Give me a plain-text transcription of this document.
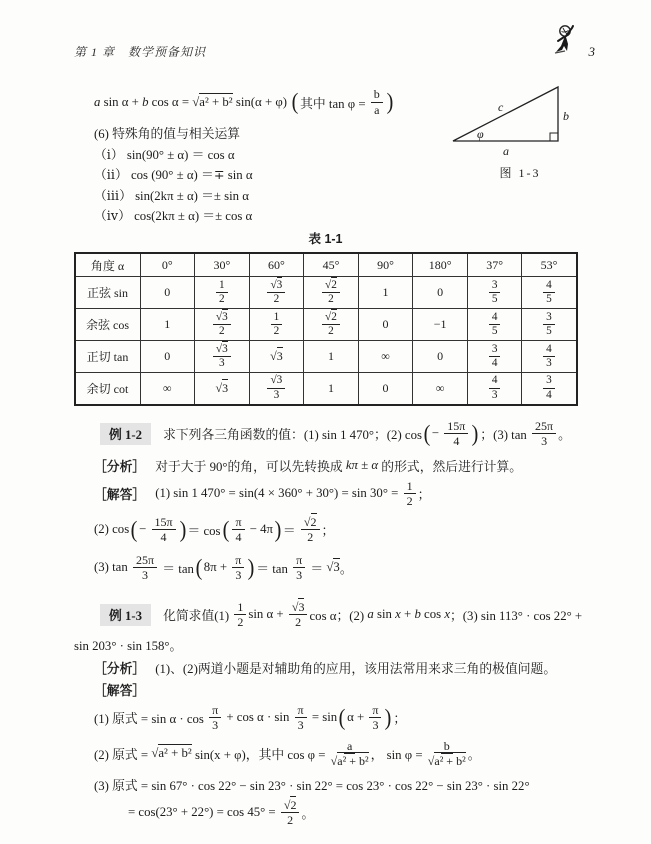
第 1 章　数学预备知识	3
a sin α + b cos α = √a² + b² sin(α + φ) ( 其中 $\tan \varphi = \frac{b}{a}$ )	c
b
φ
a
图 1-3
(6) 特殊角的值与相关运算
（ⅰ） sin(90° ± α) ＝ cos α
（ⅱ） cos (90° ± α) ＝∓ sin α
（ⅲ） sin(2kπ ± α) ＝± sin α
（ⅳ） cos(2kπ ± α) ＝± cos α
表 1-1
角度 α	0°	30°	60°	45°	90°	180°	37°	53°
正弦 sin	0	$\frac{1}{2}$	$\frac{√3}{2}$	$\frac{√2}{2}$	1	0	$\frac{3}{5}$	$\frac{4}{5}$

余弦 cos	1	$\frac{√3}{2}$	$\frac{1}{2}$	$\frac{√2}{2}$	0	−1	$\frac{4}{5}$	$\frac{3}{5}$

正切 tan	0	$\frac{√3}{3}$	√3	1	∞	0	$\frac{3}{4}$	$\frac{4}{3}$

余切 cot	∞	√3	$\frac{√3}{3}$	1	0	∞	$\frac{4}{3}$	$\frac{3}{4}$
例 1-2	求下列各三角函数的值：(1) sin 1 470°；(2) cos ( − $\frac{15\pi}{4}$ ) ；(3) $\tan \frac{25\pi}{3}$ 。
［分析］ 对于大于 90°的角，可以先转换成 kπ ± α 的形式，然后进行计算。
［解答］ (1) sin 1 $470^\circ = \sin(4 \times 360^\circ + 30^\circ) = \sin 30^\circ = \frac{1}{2}$ ；
(2) cos ( − $\frac{15\pi}{4}$ ) ＝ cos ( $\frac{\pi}{4} - 4\pi$ ) ＝ $\frac{√2}{2}$ ；
(3) $\tan \frac{25\pi}{3} = \tan$ ( $8\pi + \frac{\pi}{3}$ ) ＝ $\tan \frac{\pi}{3} = √3$ 。
例 1-3	化简求值$(1) \frac{1}{2}$ $\sin \alpha + \frac{√3}{2}$ cos α；(2) a sin x + b cos x ；(3) sin 113° · cos 22° +
sin 203° · sin 158°。
［分析］ (1)、(2)两道小题是对辅助角的应用，该用法常用来求三角的极值问题。
［解答］
(1) 原式 = $\sin \alpha \cdot \cos \frac{\pi}{3} + \cos \alpha \cdot \sin \frac{\pi}{3} = \sin$ ( $\alpha + \frac{\pi}{3}$ ) ；
(2) 原式 = √a² + b² sin(x + φ)，其中 $\cos \varphi = \frac{a}{\text{√a² + b²}}$ ， $\sin \varphi = \frac{b}{\text{√a² + b²}}$ 。
(3) 原式 = sin 67° · cos 22° − sin 23° · sin 22° = cos 23° · cos 22° − sin 23° · sin 22°
= $\cos(23^\circ + 22^\circ) = \cos 45^\circ = \frac{√2}{2}$ 。
